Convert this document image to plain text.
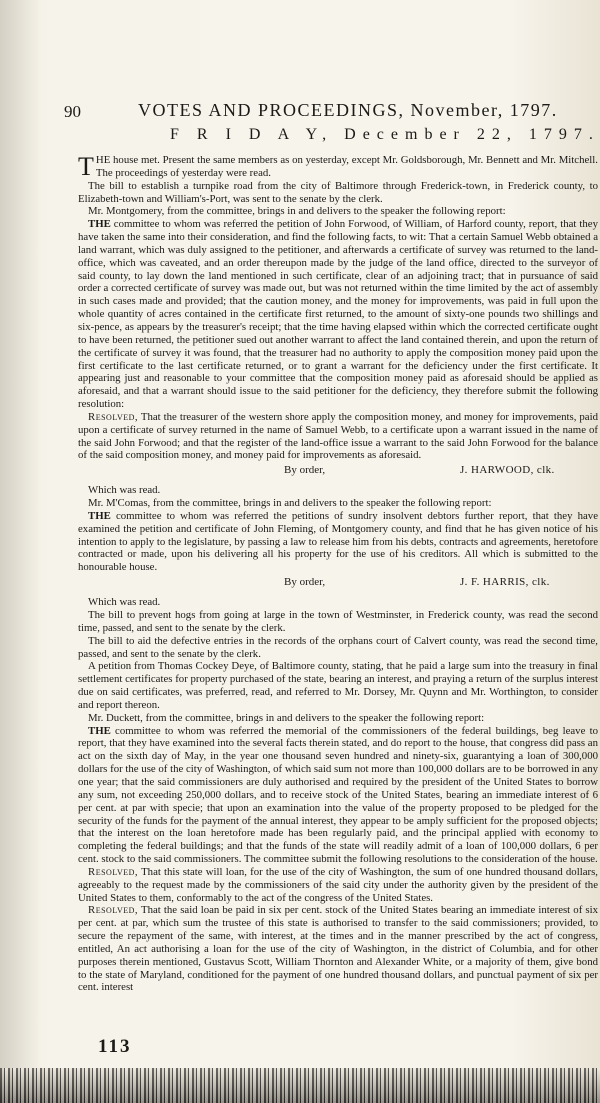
90	VOTES AND PROCEEDINGS, November, 1797.
F R I D A Y, December 22, 1797.

THE house met. Present the same members as on yesterday, except Mr. Goldsborough, Mr. Bennett and Mr. Mitchell. The proceedings of yesterday were read.

The bill to establish a turnpike road from the city of Baltimore through Frederick-town, in Frederick county, to Elizabeth-town and William's-Port, was sent to the senate by the clerk.

Mr. Montgomery, from the committee, brings in and delivers to the speaker the following report:

THE committee to whom was referred the petition of John Forwood, of William, of Harford county, report, that they have taken the same into their consideration, and find the following facts, to wit: That a certain Samuel Webb obtained a land warrant, which was duly assigned to the petitioner, and afterwards a certificate of survey was returned to the land-office, which was caveated, and an order thereupon made by the judge of the land office, directed to the surveyor of said county, to lay down the land mentioned in such certificate, clear of an adjoining tract; that in pursuance of said order a corrected certificate of survey was made out, but was not returned within the time limited by the act of assembly in such cases made and provided; that the caution money, and the money for improvements, was paid in full upon the whole quantity of acres contained in the certificate first returned, to the amount of sixty-one pounds two shillings and six-pence, as appears by the treasurer's receipt; that the time having elapsed within which the corrected certificate ought to have been returned, the petitioner sued out another warrant to affect the land contained therein, and upon the return of the certificate of survey it was found, that the treasurer had no authority to apply the composition money paid upon the first certificate to the last certificate returned, or to grant a warrant for the deficiency under the first certificate. It appearing just and reasonable to your committee that the composition money paid as aforesaid should be applied as aforesaid, and that a warrant should issue to the said petitioner for the deficiency, they therefore submit the following resolution:

Resolved, That the treasurer of the western shore apply the composition money, and money for improvements, paid upon a certificate of survey returned in the name of Samuel Webb, to a certificate upon a warrant issued in the name of the said John Forwood; and that the register of the land-office issue a warrant to the said John Forwood for the balance of the said composition money, and money paid for improvements as aforesaid.

By order,	J. HARWOOD, clk.

Which was read.

Mr. M'Comas, from the committee, brings in and delivers to the speaker the following report:

THE committee to whom was referred the petitions of sundry insolvent debtors further report, that they have examined the petition and certificate of John Fleming, of Montgomery county, and find that he has given notice of his intention to apply to the legislature, by passing a law to release him from his debts, contracts and agreements, heretofore contracted or made, upon his delivering all his property for the use of his creditors. All which is submitted to the honourable house.

By order,	J. F. HARRIS, clk.

Which was read.

The bill to prevent hogs from going at large in the town of Westminster, in Frederick county, was read the second time, passed, and sent to the senate by the clerk.

The bill to aid the defective entries in the records of the orphans court of Calvert county, was read the second time, passed, and sent to the senate by the clerk.

A petition from Thomas Cockey Deye, of Baltimore county, stating, that he paid a large sum into the treasury in final settlement certificates for property purchased of the state, bearing an interest, and praying a return of the surplus interest due on said certificates, was preferred, read, and referred to Mr. Dorsey, Mr. Quynn and Mr. Worthington, to consider and report thereon.

Mr. Duckett, from the committee, brings in and delivers to the speaker the following report:

THE committee to whom was referred the memorial of the commissioners of the federal buildings, beg leave to report, that they have examined into the several facts therein stated, and do report to the house, that congress did pass an act on the sixth day of May, in the year one thousand seven hundred and ninety-six, guarantying a loan of 300,000 dollars for the use of the city of Washington, of which said sum not more than 100,000 dollars are to be borrowed in any one year; that the said commissioners are duly authorised and required by the president of the United States to borrow any sum, not exceeding 250,000 dollars, and to receive stock of the United States, bearing an immediate interest of 6 per cent. at par with specie; that upon an examination into the value of the property proposed to be pledged for the security of the funds for the payment of the annual interest, they appear to be amply sufficient for the proposed objects; that the interest on the loan heretofore made has been regularly paid, and the principal applied with economy to completing the federal buildings; and that the funds of the state will readily admit of a loan of 100,000 dollars, 6 per cent. stock to the said commissioners. The committee submit the following resolutions to the consideration of the house.

Resolved, That this state will loan, for the use of the city of Washington, the sum of one hundred thousand dollars, agreeably to the request made by the commissioners of the said city under the authority given by the president of the United States to them, conformably to the act of the congress of the United States.

Resolved, That the said loan be paid in six per cent. stock of the United States bearing an immediate interest of six per cent. at par, which sum the trustee of this state is authorised to transfer to the said commissioners; provided, to secure the repayment of the same, with interest, at the times and in the manner prescribed by the act of congress, entitled, An act authorising a loan for the use of the city of Washington, in the district of Columbia, and for other purposes therein mentioned, Gustavus Scott, William Thornton and Alexander White, or a majority of them, give bond to the state of Maryland, conditioned for the payment of one hundred thousand dollars, and punctual payment of six per cent. interest

113
